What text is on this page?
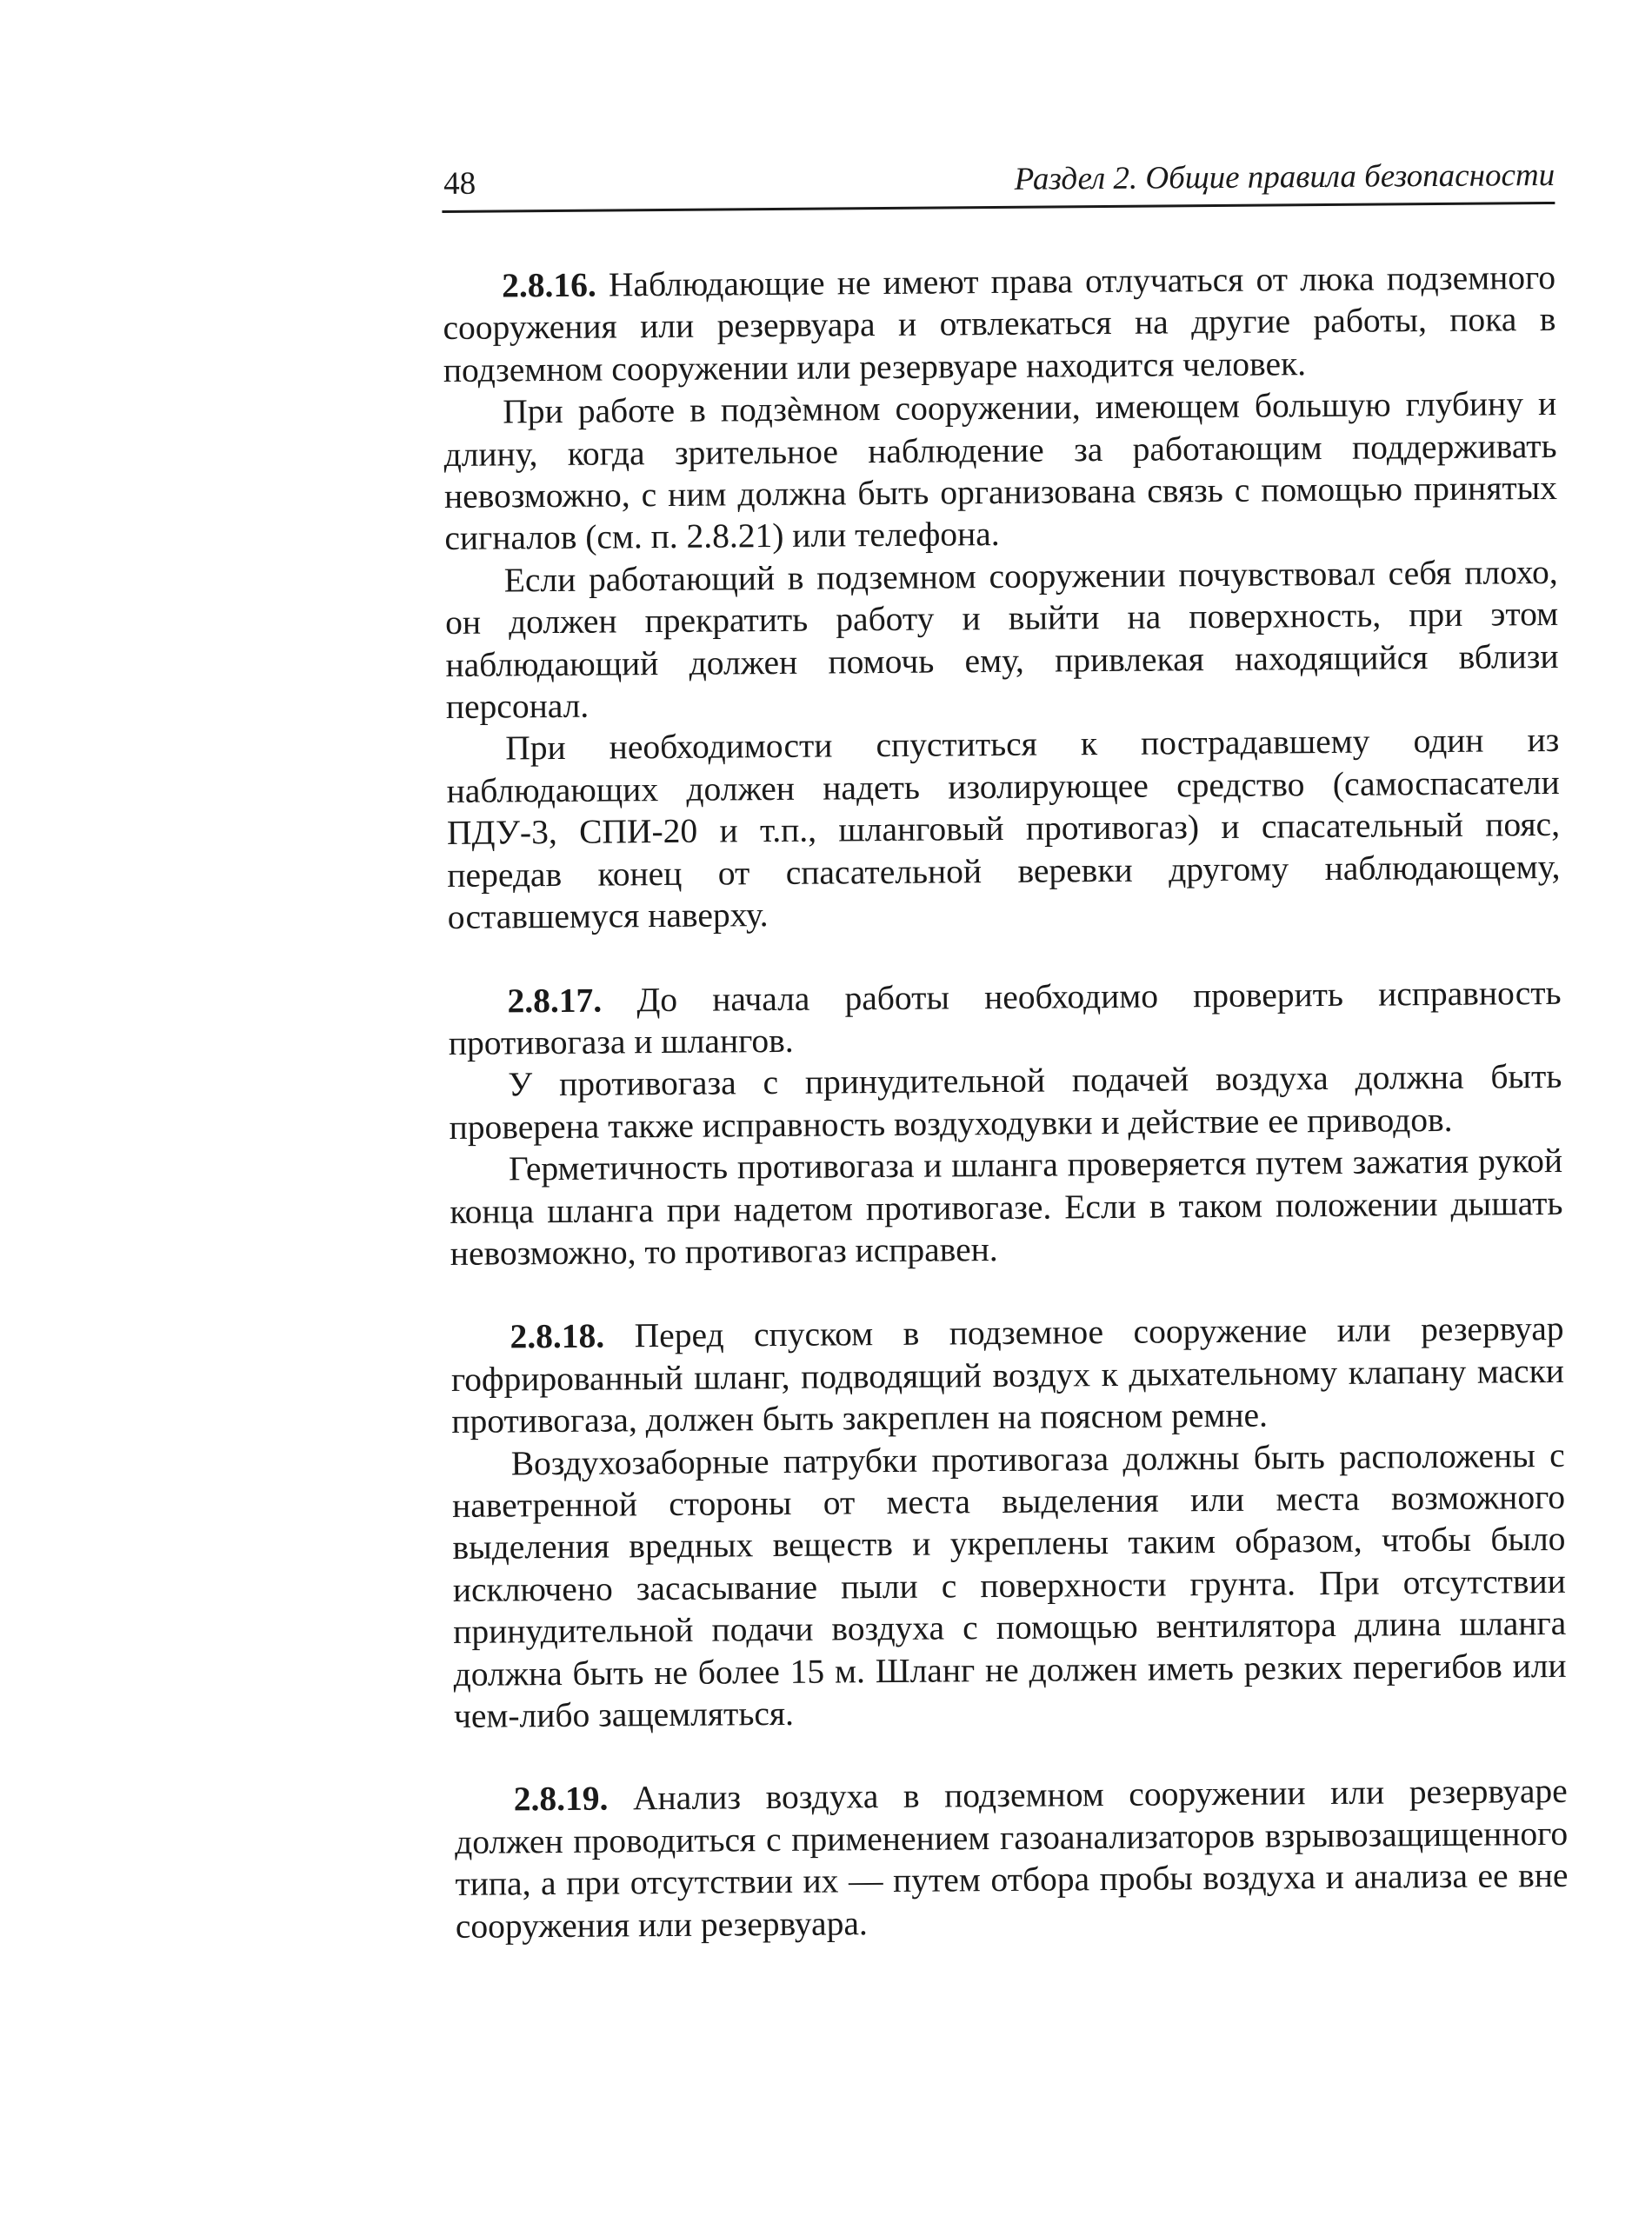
48	Раздел 2. Общие правила безопасности

2.8.16. Наблюдающие не имеют права отлучаться от люка подземного сооружения или резервуара и отвлекаться на другие работы, пока в подземном сооружении или резервуаре находится человек.

При работе в подзѐмном сооружении, имеющем большую глубину и длину, когда зрительное наблюдение за работающим поддерживать невозможно, с ним должна быть организована связь с помощью принятых сигналов (см. п. 2.8.21) или телефона.

Если работающий в подземном сооружении почувствовал себя плохо, он должен прекратить работу и выйти на поверхность, при этом наблюдающий должен помочь ему, привлекая находящийся вблизи персонал.

При необходимости спуститься к пострадавшему один из наблюдающих должен надеть изолирующее средство (самоспасатели ПДУ-3, СПИ-20 и т.п., шланговый противогаз) и спасательный пояс, передав конец от спасательной веревки другому наблюдающему, оставшемуся наверху.

2.8.17. До начала работы необходимо проверить исправность противогаза и шлангов.

У противогаза с принудительной подачей воздуха должна быть проверена также исправность воздуходувки и действие ее приводов.

Герметичность противогаза и шланга проверяется путем зажатия рукой конца шланга при надетом противогазе. Если в таком положении дышать невозможно, то противогаз исправен.

2.8.18. Перед спуском в подземное сооружение или резервуар гофрированный шланг, подводящий воздух к дыхательному клапану маски противогаза, должен быть закреплен на поясном ремне.

Воздухозаборные патрубки противогаза должны быть расположены с наветренной стороны от места выделения или места возможного выделения вредных веществ и укреплены таким образом, чтобы было исключено засасывание пыли с поверхности грунта. При отсутствии принудительной подачи воздуха с помощью вентилятора длина шланга должна быть не более 15 м. Шланг не должен иметь резких перегибов или чем-либо защемляться.

2.8.19. Анализ воздуха в подземном сооружении или резервуаре должен проводиться с применением газоанализаторов взрывозащищенного типа, а при отсутствии их — путем отбора пробы воздуха и анализа ее вне сооружения или резервуара.
